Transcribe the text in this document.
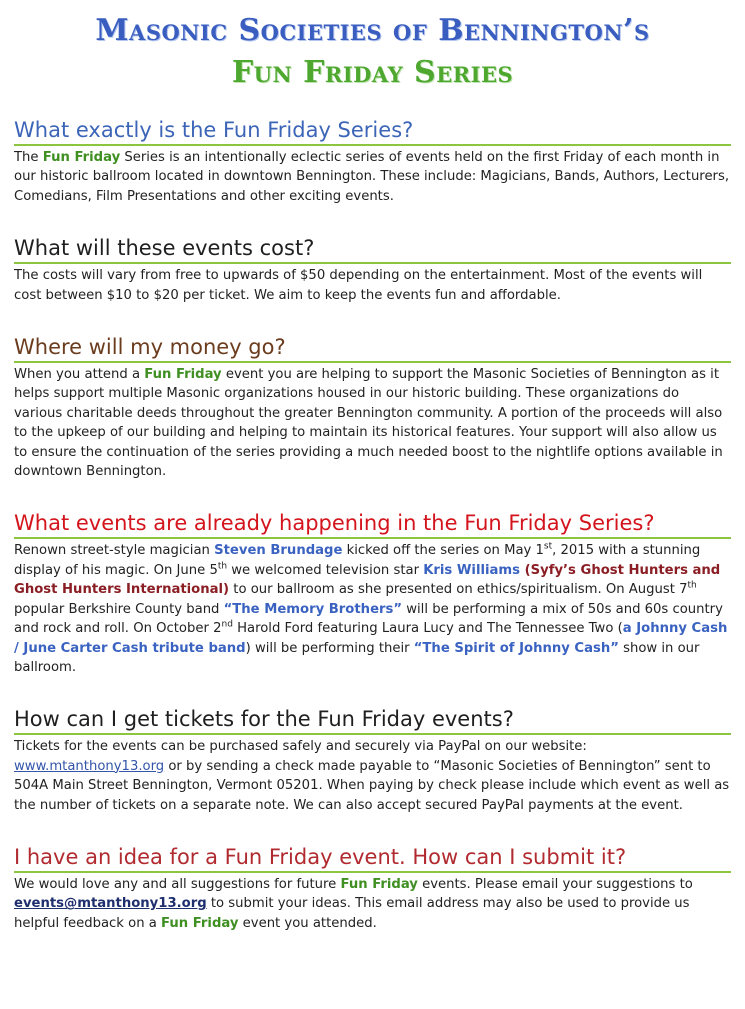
Masonic Societies of Bennington’s
Fun Friday Series
What exactly is the Fun Friday Series?

The Fun Friday Series is an intentionally eclectic series of events held on the first Friday of each month in our historic ballroom located in downtown Bennington. These include: Magicians, Bands, Authors, Lecturers, Comedians, Film Presentations and other exciting events.

What will these events cost?

The costs will vary from free to upwards of $50 depending on the entertainment. Most of the events will cost between $10 to $20 per ticket. We aim to keep the events fun and affordable.

Where will my money go?

When you attend a Fun Friday event you are helping to support the Masonic Societies of Bennington as it helps support multiple Masonic organizations housed in our historic building. These organizations do various charitable deeds throughout the greater Bennington community. A portion of the proceeds will also to the upkeep of our building and helping to maintain its historical features. Your support will also allow us to ensure the continuation of the series providing a much needed boost to the nightlife options available in downtown Bennington.

What events are already happening in the Fun Friday Series?

Renown street-style magician Steven Brundage kicked off the series on May 1st, 2015 with a stunning display of his magic. On June 5th we welcomed television star Kris Williams (Syfy’s Ghost Hunters and Ghost Hunters International) to our ballroom as she presented on ethics/spiritualism. On August 7th popular Berkshire County band “The Memory Brothers” will be performing a mix of 50s and 60s country and rock and roll. On October 2nd Harold Ford featuring Laura Lucy and The Tennessee Two (a Johnny Cash / June Carter Cash tribute band) will be performing their “The Spirit of Johnny Cash” show in our ballroom.

How can I get tickets for the Fun Friday events?

Tickets for the events can be purchased safely and securely via PayPal on our website: www.mtanthony13.org or by sending a check made payable to “Masonic Societies of Bennington” sent to 504A Main Street Bennington, Vermont 05201. When paying by check please include which event as well as the number of tickets on a separate note. We can also accept secured PayPal payments at the event.

I have an idea for a Fun Friday event. How can I submit it?

We would love any and all suggestions for future Fun Friday events. Please email your suggestions to events@mtanthony13.org to submit your ideas. This email address may also be used to provide us helpful feedback on a Fun Friday event you attended.
